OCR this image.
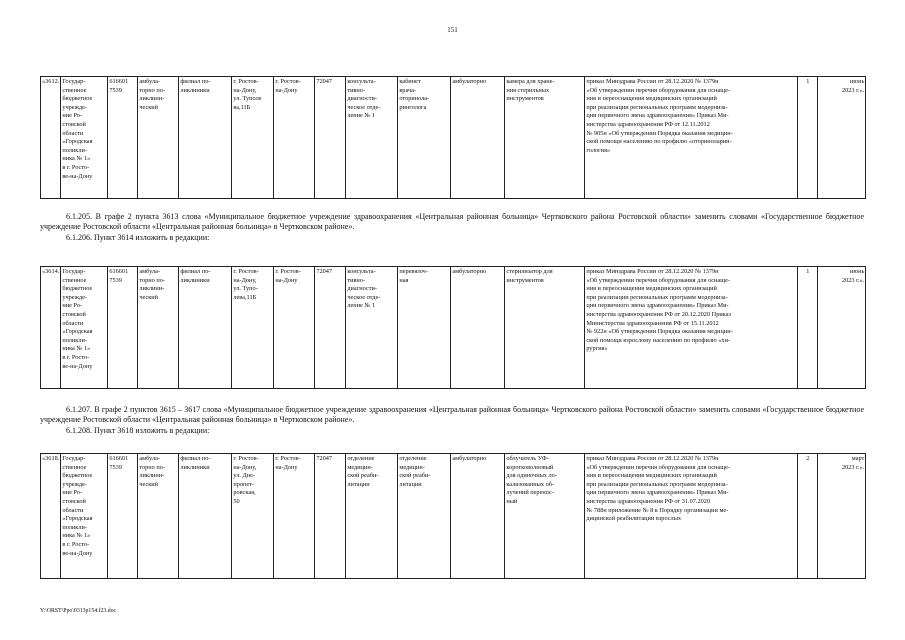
151
«3612.	Государ-
ственное
бюджетное
учрежде-
ние Ро-
стовской
области
«Городская
поликли-
ника № 1»
в г. Росто-
ве-на-Дону	616601
7539	амбула-
торно по-
ликлини-
ческий	филиал по-
ликлиники	г. Ростов-
на-Дону,
ул. Туполе
ва,11Б	г. Ростов-
на-Дону	72047	консульта-
тивно-
диагности-
ческое отде-
ление № 1	кабинет
врача-
оторинола-
ринголога	амбулаторно	камера для хране-
ния стерильных
инструментов	приказ Минздрава России от 28.12.2020 № 1379н
«Об утверждении перечня оборудования для оснаще-
ния и переоснащения медицинских организаций
при реализации региональных программ модерниза-
ции первичного звена здравоохранения» Приказ Ми-
нистерства здравоохранения РФ от 12.11.2012
№ 905н «Об утверждении Порядка оказания медицин-
ской помощи населению по профилю «оториноларин-
гология»	1	июнь
2023 г.».
6.1.205. В графе 2 пункта 3613 слова «Муниципальное бюджетное учреждение здравоохранения «Центральная районная больница» Чертковского района Ростовской области» заменить словами «Государственное бюджетное учреждение Ростовской области «Центральная районная больница» в Чертковском районе».
6.1.206. Пункт 3614 изложить в редакции:
«3614.	Государ-
ственное
бюджетное
учрежде-
ние Ро-
стовской
области
«Городская
поликли-
ника № 1»
в г. Росто-
ве-на-Дону	616601
7539	амбула-
торно по-
ликлини-
ческий	филиал по-
ликлиники	г. Ростов-
на-Дону,
ул. Тупо-
лева,11Б	г. Ростов-
на-Дону	72047	консульта-
тивно-
диагности-
ческое отде-
ление № 1	перевязоч-
ная	амбулаторно	стерилизатор для
инструментов	приказ Минздрава России от 28.12.2020 № 1379н
«Об утверждении перечня оборудования для оснаще-
ния и переоснащения медицинских организаций
при реализации региональных программ модерниза-
ции первичного звена здравоохранения» Приказ Ми-
нистерства здравоохранения РФ от 20.12.2020 Приказ
Министерства здравоохранения РФ от 15.11.2012
№ 922н «Об утверждении Порядка оказания медицин-
ской помощи взрослому населению по профилю «хи-
рургия»	1	июнь
2023 г.».
6.1.207. В графе 2 пунктов 3615 – 3617 слова «Муниципальное бюджетное учреждение здравоохранения «Центральная районная больница» Чертковского района Ростовской области» заменить словами «Государственное бюджетное учреждение Ростовской области «Центральная районная больница» в Чертковском районе».
6.1.208. Пункт 3618 изложить в редакции:
«3618.	Государ-
ственное
бюджетное
учрежде-
ние Ро-
стовской
области
«Городская
поликли-
ника № 1»
в г. Росто-
ве-на-Дону	616601
7539	амбула-
торно по-
ликлини-
ческий	филиал по-
ликлиники	г. Ростов-
на-Дону,
ул. Дне-
пропет-
ровская,
50	г. Ростов-
на-Дону	72047	отделение
медицин-
ской реаби-
литации	отделение
медицин-
ской реаби-
литации	амбулаторно	облучатель УФ-
коротковолновый
для одиночных ло-
кализованных об-
лучений перенос-
ный	приказ Минздрава России от 28.12.2020 № 1379н
«Об утверждении перечня оборудования для оснаще-
ния и переоснащения медицинских организаций
при реализации региональных программ модерниза-
ции первичного звена здравоохранения» Приказ Ми-
нистерства здравоохранения РФ от 31.07.2020
№ 788н приложение № 8 к Порядку организации ме-
дицинской реабилитации взрослых	2	март
2023 г.».
Y:\ORST\Ppo\0313p154.f23.doc
